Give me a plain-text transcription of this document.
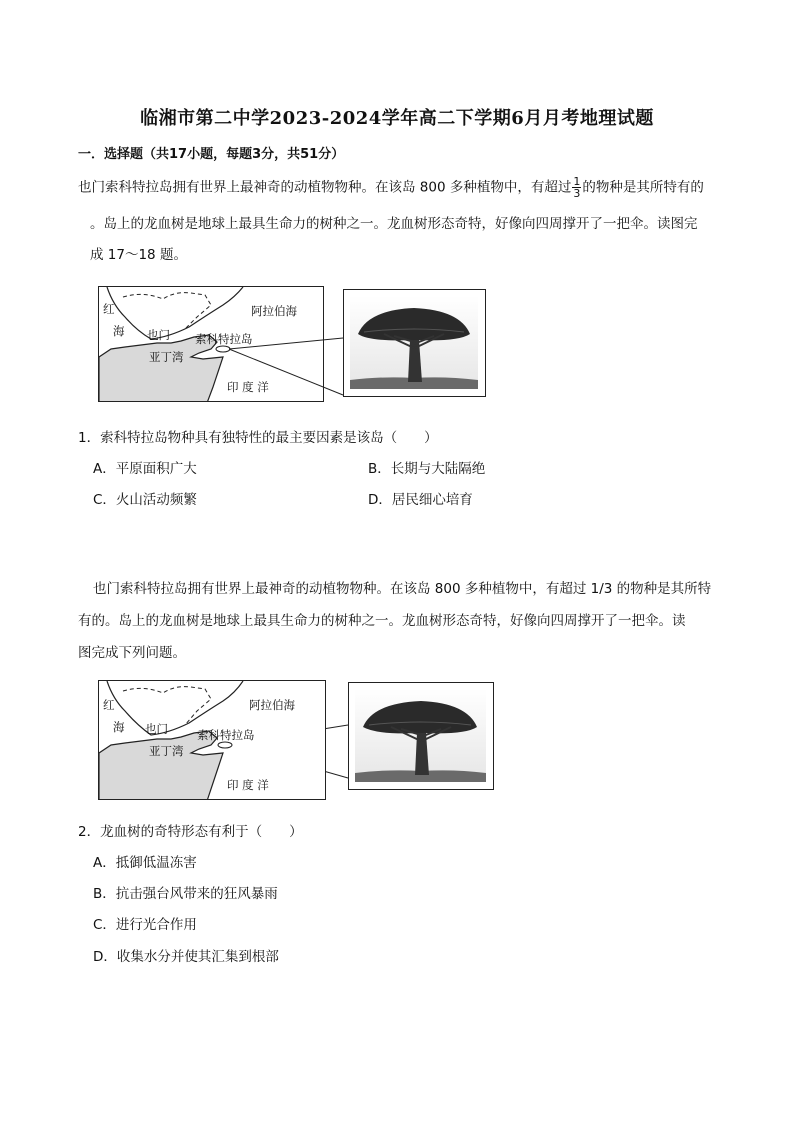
临湘市第二中学2023-2024学年高二下学期6月月考地理试题
一．选择题（共17小题，每题3分，共51分）
也门索科特拉岛拥有世界上最神奇的动植物物种。在该岛 800 多种植物中，有超过 $\frac{1}{3}$ 的物种是其所特有的
。岛上的龙血树是地球上最具生命力的树种之一。龙血树形态奇特，好像向四周撑开了一把伞。读图完
成 17～18 题。
红
海 也门
阿拉伯海
索科特拉岛
亚丁湾
印 度 洋
1．索科特拉岛物种具有独特性的最主要因素是该岛（　　）
A．平原面积广大	B．长期与大陆隔绝
C．火山活动频繁	D．居民细心培育
也门索科特拉岛拥有世界上最神奇的动植物物种。在该岛 800 多种植物中，有超过 1/3 的物种是其所特
有的。岛上的龙血树是地球上最具生命力的树种之一。龙血树形态奇特，好像向四周撑开了一把伞。读
图完成下列问题。
红
海 也门
阿拉伯海
索科特拉岛
亚丁湾
印 度 洋
2．龙血树的奇特形态有利于（　　）
A．抵御低温冻害
B．抗击强台风带来的狂风暴雨
C．进行光合作用
D．收集水分并使其汇集到根部
